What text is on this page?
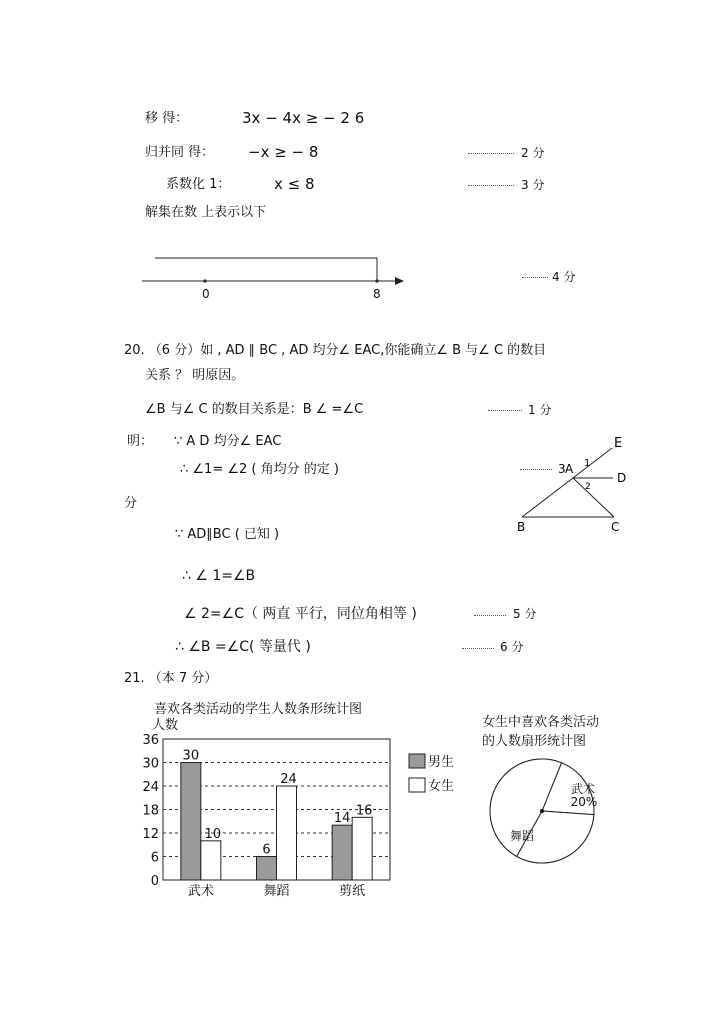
移 得：	3x − 4x ≥ − 2 6
归并同 得： −x ≥ − 8	2 分
系数化 1：	x ≤ 8	3 分
解集在数 上表示以下
0	8
4 分
20. （6 分）如 , AD ∥ BC , AD 均分∠ EAC,你能确立∠ B 与∠ C 的数目
关系 ？ 明原因。
∠B 与∠ C 的数目关系是：B ∠ =∠C	1 分
明： ∵ A D 均分∠ EAC
∴ ∠1= ∠2 ( 角均分 的定 )	3
分
∵ AD∥BC ( 已知 )
∴ ∠ 1=∠B
∠ 2=∠C（ 两直 平行，同位角相等 )	5 分
∴ ∠B =∠C( 等量代 )	6 分
E
A
D
B	C
1
2
21. （本 7 分）
喜欢各类活动的学生人数条形统计图
人数
0
6
12
18
24
30
36
30
10
武术
6
24
舞蹈
14
16
剪纸
男生
女生
女生中喜欢各类活动
的人数扇形统计图
武术
20%
舞蹈
